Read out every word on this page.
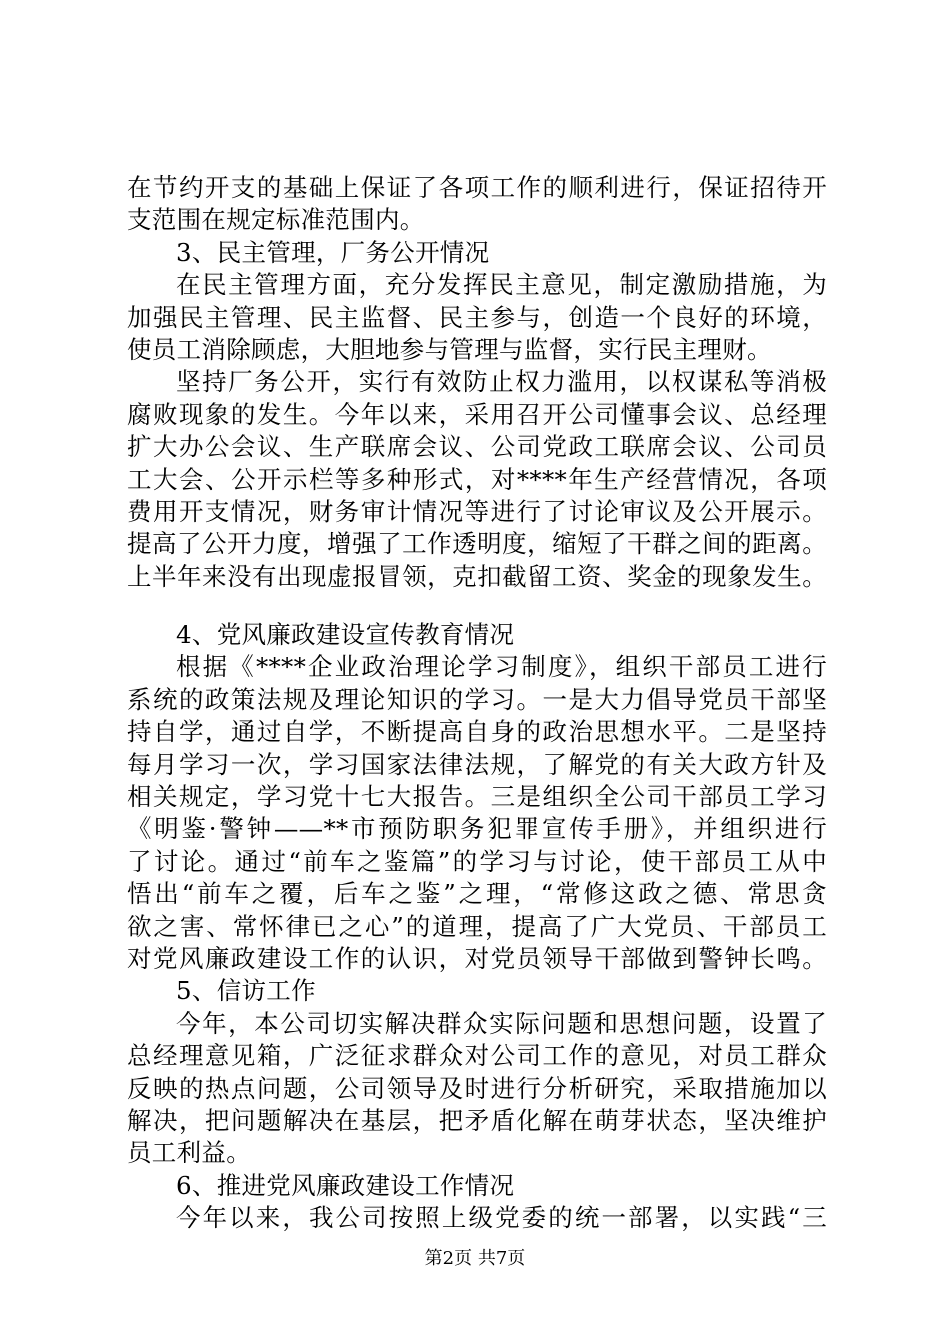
在节约开支的基础上保证了各项工作的顺利进行，保证招待开
支范围在规定标准范围内。
3、民主管理，厂务公开情况
在民主管理方面，充分发挥民主意见，制定激励措施，为
加强民主管理、民主监督、民主参与，创造一个良好的环境，
使员工消除顾虑，大胆地参与管理与监督，实行民主理财。
坚持厂务公开，实行有效防止权力滥用，以权谋私等消极
腐败现象的发生。今年以来，采用召开公司懂事会议、总经理
扩大办公会议、生产联席会议、公司党政工联席会议、公司员
工大会、公开示栏等多种形式，对****年生产经营情况，各项
费用开支情况，财务审计情况等进行了讨论审议及公开展示。
提高了公开力度，增强了工作透明度，缩短了干群之间的距离。
上半年来没有出现虚报冒领，克扣截留工资、奖金的现象发生。
4、党风廉政建设宣传教育情况
根据《****企业政治理论学习制度》，组织干部员工进行
系统的政策法规及理论知识的学习。一是大力倡导党员干部坚
持自学，通过自学，不断提高自身的政治思想水平。二是坚持
每月学习一次，学习国家法律法规，了解党的有关大政方针及
相关规定，学习党十七大报告。三是组织全公司干部员工学习
《明鉴·警钟——**市预防职务犯罪宣传手册》，并组织进行
了讨论。通过“前车之鉴篇”的学习与讨论，使干部员工从中
悟出“前车之覆，后车之鉴”之理，“常修这政之德、常思贪
欲之害、常怀律已之心”的道理，提高了广大党员、干部员工
对党风廉政建设工作的认识，对党员领导干部做到警钟长鸣。
5、信访工作
今年，本公司切实解决群众实际问题和思想问题，设置了
总经理意见箱，广泛征求群众对公司工作的意见，对员工群众
反映的热点问题，公司领导及时进行分析研究，采取措施加以
解决，把问题解决在基层，把矛盾化解在萌芽状态，坚决维护
员工利益。
6、推进党风廉政建设工作情况
今年以来，我公司按照上级党委的统一部署，以实践“三
第2页 共7页
